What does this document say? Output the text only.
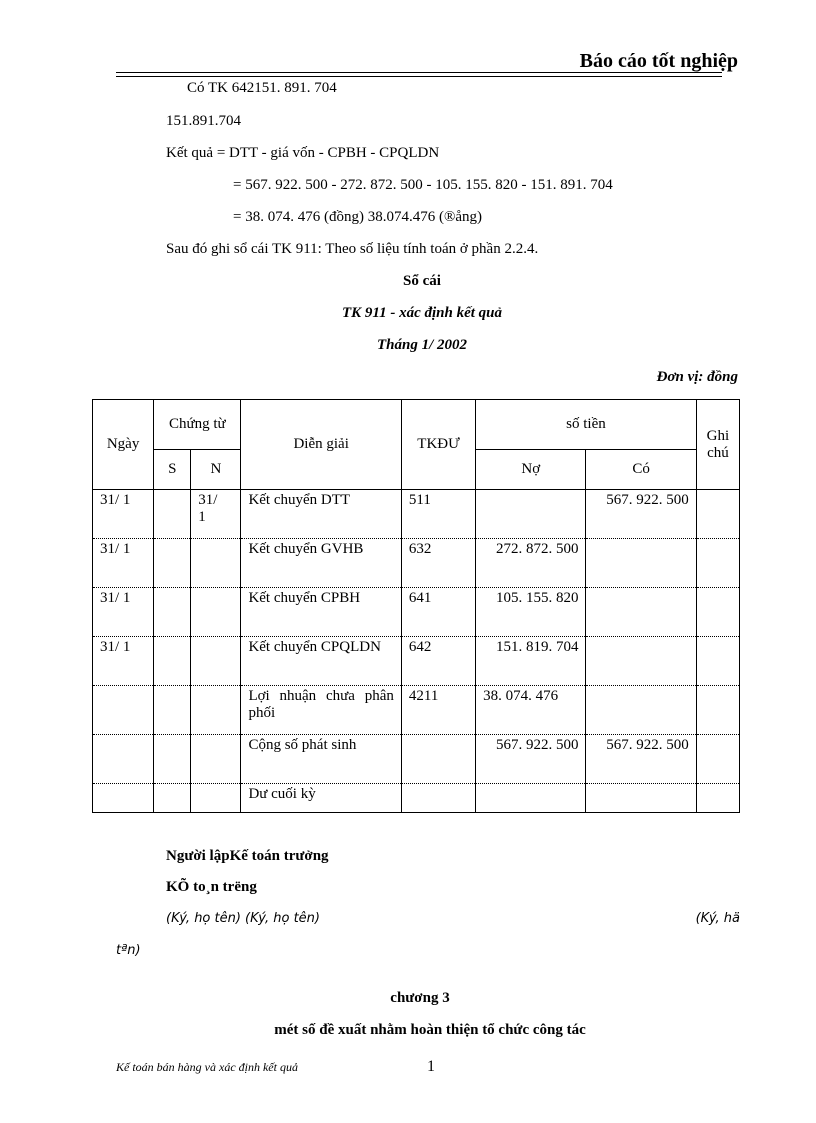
Báo cáo tốt nghiệp
Có TK 642151. 891. 704
151.891.704
Kết quả = DTT - giá vốn - CPBH - CPQLDN
= 567. 922. 500 - 272. 872. 500 - 105. 155. 820 - 151. 891. 704
= 38. 074. 476 (đồng) 38.074.476 (®ång)
Sau đó ghi sổ cái TK 911: Theo số liệu tính toán ở phần 2.2.4.
Sổ cái
TK 911 - xác định kết quả
Tháng 1/ 2002
Đơn vị: đồng
Ngày	Chứng từ		Diễn giải	TKĐƯ	số tiền		Ghi chú
	S	N			Nợ	Có	
31/ 1		31/ 1	Kết chuyển DTT	511		567. 922. 500	
31/ 1			Kết chuyển GVHB	632	272. 872. 500		
31/ 1			Kết chuyển CPBH	641	105. 155. 820		
31/ 1			Kết chuyển CPQLDN	642	151. 819. 704		
			Lợi nhuận chưa phân phối	4211	38. 074. 476		
			Cộng số phát sinh		567. 922. 500	567. 922. 500	
			Dư cuối kỳ				
Người lậpKế toán trưởng
KÕ to¸n trëng
(Ký, họ tên) (Ký, họ tên)	(Ký, hä
tªn)
chương 3
mét số đề xuất nhằm hoàn thiện tổ chức công tác
Kế toán bán hàng và xác định kết quả	1
